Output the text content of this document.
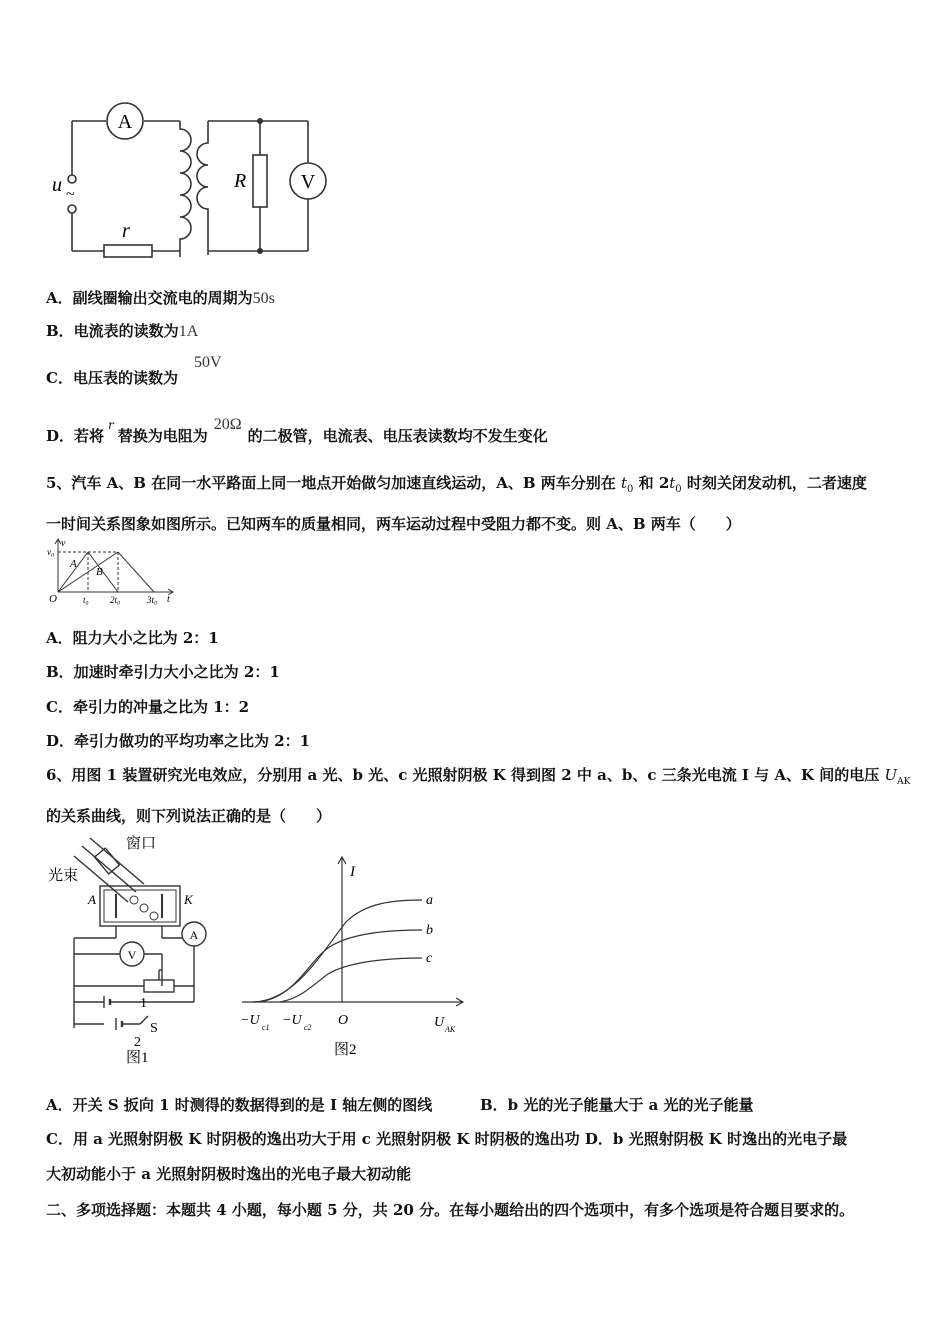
A
V
u ~
r
R
A．副线圈输出交流电的周期为50s
B．电流表的读数为1A
C．电压表的读数为
50V
D．若将$^r$替换为电阻为20Ω的二极管，电流表、电压表读数均不发生变化
5、汽车 A、B 在同一水平路面上同一地点开始做匀加速直线运动，A、B 两车分别在 $t_0$ 和 $2t_0$ 时刻关闭发动机，二者速度
一时间关系图象如图所示。已知两车的质量相同，两车运动过程中受阻力都不变。则 A、B 两车（　　）
v
v₀
A
B
O	t₀ 2t₀	3t₀ t
A．阻力大小之比为 2：1
B．加速时牵引力大小之比为 2：1
C．牵引力的冲量之比为 1：2
D．牵引力做功的平均功率之比为 2：1
6、用图 1 装置研究光电效应，分别用 a 光、b 光、c 光照射阴极 K 得到图 2 中 a、b、c 三条光电流 I 与 A、K 间的电压 $U_{AK}$
的关系曲线，则下列说法正确的是（　　）
窗口
光束
A	K
A
V
1
2
S
图1
I
a
b
c
−U c1 −U c2 O	U AK
图2
A．开关 S 扳向 1 时测得的数据得到的是 I 轴左侧的图线	B．b 光的光子能量大于 a 光的光子能量
C．用 a 光照射阴极 K 时阴极的逸出功大于用 c 光照射阴极 K 时阴极的逸出功 D．b 光照射阴极 K 时逸出的光电子最
大初动能小于 a 光照射阴极时逸出的光电子最大初动能
二、多项选择题：本题共 4 小题，每小题 5 分，共 20 分。在每小题给出的四个选项中，有多个选项是符合题目要求的。
